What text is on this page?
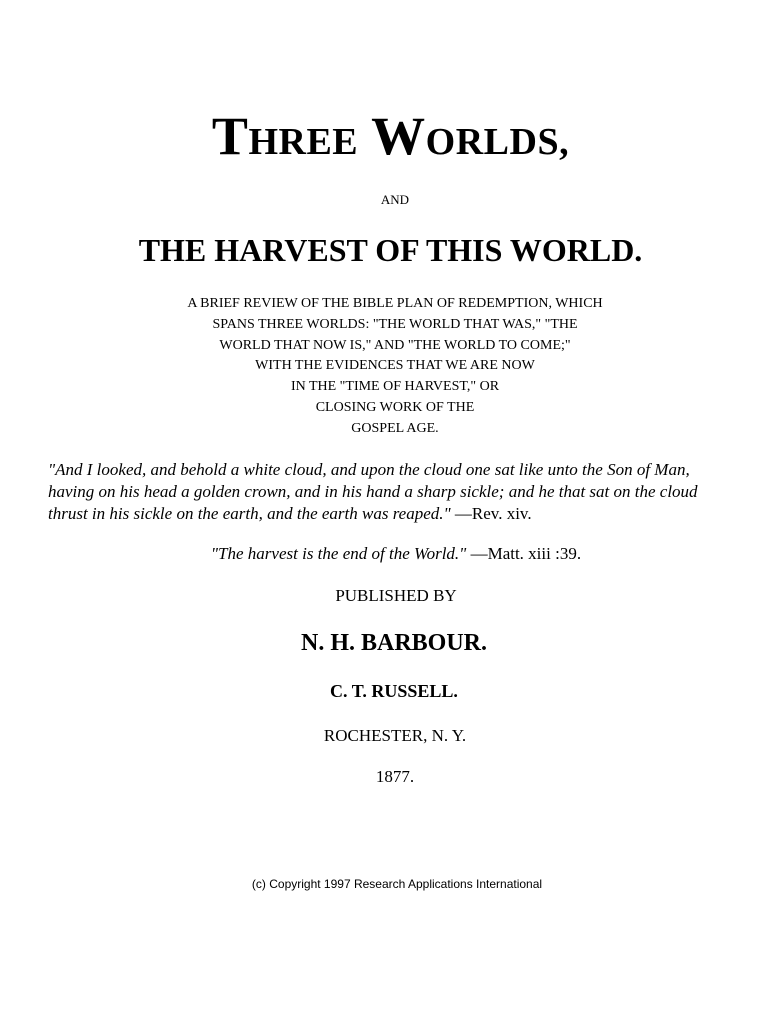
THREE WORLDS,
AND
THE HARVEST OF THIS WORLD.
A BRIEF REVIEW OF THE BIBLE PLAN OF REDEMPTION, WHICH
SPANS THREE WORLDS: "THE WORLD THAT WAS," "THE
WORLD THAT NOW IS," AND "THE WORLD TO COME;"
WITH THE EVIDENCES THAT WE ARE NOW
IN THE "TIME OF HARVEST," OR
CLOSING WORK OF THE
GOSPEL AGE.
"And I looked, and behold a white cloud, and upon the cloud one sat like unto the Son of Man, having on his head a golden crown, and in his hand a sharp sickle; and he that sat on the cloud thrust in his sickle on the earth, and the earth was reaped." —Rev. xiv.
"The harvest is the end of the World." —Matt. xiii :39.
PUBLISHED BY
N. H. BARBOUR.
C. T. RUSSELL.
ROCHESTER, N. Y.
1877.
(c) Copyright 1997 Research Applications International
